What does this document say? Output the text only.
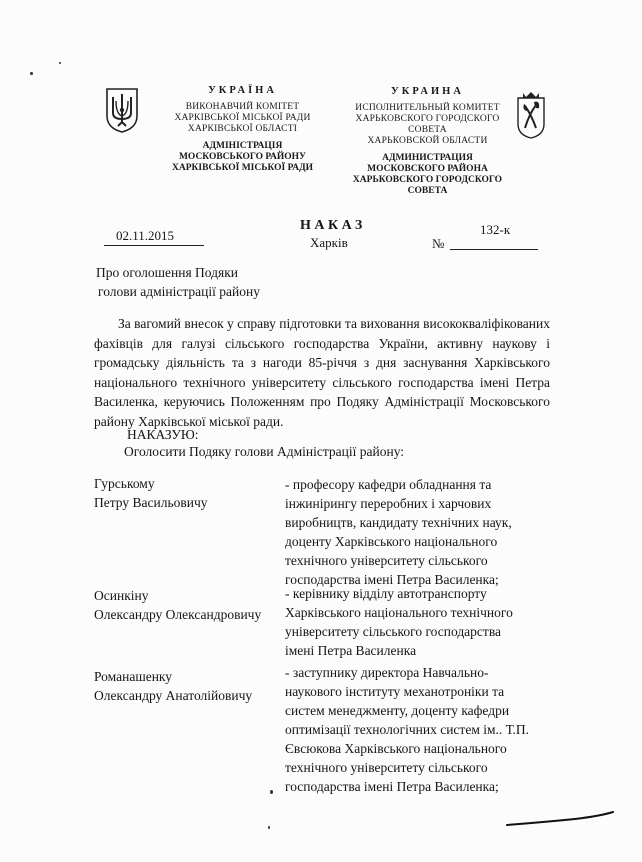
УКРАЇНА
ВИКОНАВЧИЙ КОМІТЕТ
ХАРКІВСЬКОЇ МІСЬКОЇ РАДИ
ХАРКІВСЬКОЇ ОБЛАСТІ
АДМІНІСТРАЦІЯ
МОСКОВСЬКОГО РАЙОНУ
ХАРКІВСЬКОЇ МІСЬКОЇ РАДИ
УКРАИНА
ИСПОЛНИТЕЛЬНЫЙ КОМИТЕТ
ХАРЬКОВСКОГО ГОРОДСКОГО СОВЕТА
ХАРЬКОВСКОЙ ОБЛАСТИ
АДМИНИСТРАЦИЯ
МОСКОВСКОГО РАЙОНА
ХАРЬКОВСКОГО ГОРОДСКОГО СОВЕТА
НАКАЗ
Харків
02.11.2015	132-к
№
Про оголошення Подяки
голови адміністрації району
За вагомий внесок у справу підготовки та виховання висококваліфікованих фахівців для галузі сільського господарства України, активну наукову і громадську діяльність та з нагоди 85-річчя з дня заснування Харківського національного технічного університету сільського господарства імені Петра Василенка, керуючись Положенням про Подяку Адміністрації Московського району Харківської міської ради.
НАКАЗУЮ:
Оголосити Подяку голови Адміністрації району:
Гурському
Петру Васильовичу
- професору кафедри обладнання та
інжинірингу переробних і харчових
виробництв, кандидату технічних наук,
доценту Харківського національного
технічного університету сільського
господарства імені Петра Василенка;
Осинкіну
Олександру Олександровичу
- керівнику відділу автотранспорту
Харківського національного технічного
університету сільського господарства
імені Петра Василенка
Романашенку
Олександру Анатолійовичу
- заступнику директора Навчально-
наукового інституту механотроніки та
систем менеджменту, доценту кафедри
оптимізації технологічних систем ім.. Т.П.
Євсюкова Харківського національного
технічного університету сільського
господарства імені Петра Василенка;
